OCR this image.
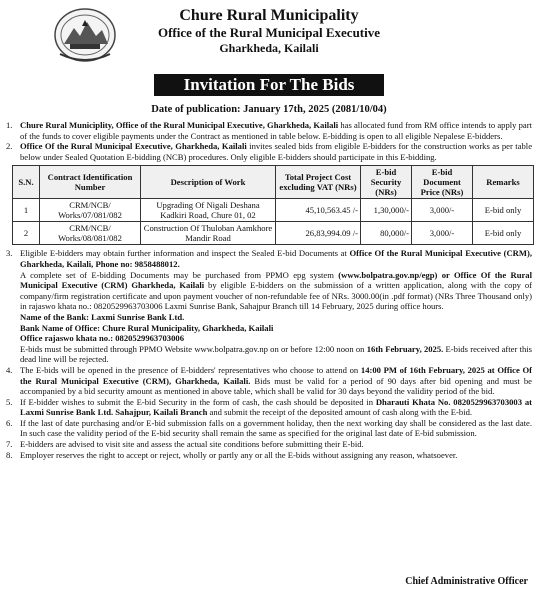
Chure Rural Municipality
Office of the Rural Municipal Executive
Gharkheda, Kailali
Invitation For The Bids
Date of publication: January 17th, 2025 (2081/10/04)
1. Chure Rural Municiplity, Office of the Rural Municipal Executive, Gharkheda, Kailali has allocated fund from RM office intends to apply part of the funds to cover eligible payments under the Contract as mentioned in table below. E-bidding is open to all eligible Nepalese E-bidders.
2. Office Of the Rural Municipal Executive, Gharkheda, Kailali invites sealed bids from eligible E-bidders for the construction works as per table below under Sealed Quotation E-bidding (NCB) procedures. Only eligible E-bidders should participate in this E-bidding.
S.N.	Contract Identification Number	Description of Work	Total Project Cost excluding VAT (NRs)	E-bid Security (NRs)	E-bid Document Price (NRs)	Remarks
1	CRM/NCB/ Works/07/081/082	Upgrading Of Nigali Deshana Kadkiri Road, Chure 01, 02	45,10,563.45 /-	1,30,000/-	3,000/-	E-bid only
2	CRM/NCB/ Works/08/081/082	Construction Of Thuloban Aamkhore Mandir Road	26,83,994.09 /-	80,000/-	3,000/-	E-bid only
3. Eligible E-bidders may obtain further information and inspect the Sealed E-bid Documents at Office Of the Rural Municipal Executive (CRM), Gharkheda, Kailali, Phone no: 9858488012.
A complete set of E-bidding Documents may be purchased from PPMO epg system (www.bolpatra.gov.np/egp) or Office Of the Rural Municipal Executive (CRM) Gharkheda, Kailali by eligible E-bidders on the submission of a written application, along with the copy of company/firm registration certificate and upon payment voucher of non-refundable fee of NRs. 3000.00(in .pdf format) (NRs Three Thousand only) in rajaswo khata no.: 0820529963703006 Laxmi Sunrise Bank, Sahajpur Branch till 14 February, 2025 during office hours.
Name of the Bank: Laxmi Sunrise Bank Ltd.
Bank Name of Office: Chure Rural Municipality, Gharkheda, Kailali
Office rajaswo khata no.: 0820529963703006
E-bids must be submitted through PPMO Website www.bolpatra.gov.np on or before 12:00 noon on 16th February, 2025. E-bids received after this dead line will be rejected.
4. The E-bids will be opened in the presence of E-bidders' representatives who choose to attend on 14:00 PM of 16th February, 2025 at Office Of the Rural Municipal Executive (CRM), Gharkheda, Kailali. Bids must be valid for a period of 90 days after bid opening and must be accompanied by a bid security amount as mentioned in above table, which shall be valid for 30 days beyond the validity period of the bid.
5. If E-bidder wishes to submit the E-bid Security in the form of cash, the cash should be deposited in Dharauti Khata No. 0820529963703003 at Laxmi Sunrise Bank Ltd. Sahajpur, Kailali Branch and submit the receipt of the deposited amount of cash along with the E-bid.
6. If the last of date purchasing and/or E-bid submission falls on a government holiday, then the next working day shall be considered as the last date. In such case the validity period of the E-bid security shall remain the same as specified for the original last date of E-bid submission.
7. E-bidders are advised to visit site and assess the actual site conditions before submitting their E-bid.
8. Employer reserves the right to accept or reject, wholly or partly any or all the E-bids without assigning any reason, whatsoever.
Chief Administrative Officer
